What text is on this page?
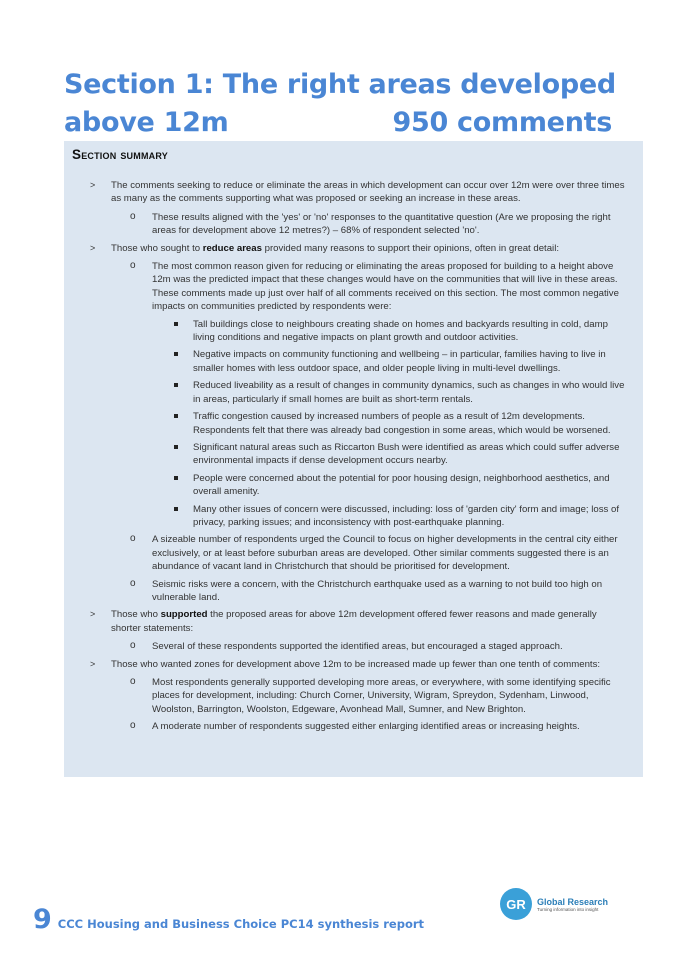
Section 1: The right areas developed
above 12m	950 comments
Section summary
> The comments seeking to reduce or eliminate the areas in which development can occur over 12m were over three times as many as the comments supporting what was proposed or seeking an increase in these areas.
o These results aligned with the 'yes' or 'no' responses to the quantitative question (Are we proposing the right areas for development above 12 metres?) – 68% of respondent selected 'no'.
> Those who sought to reduce areas provided many reasons to support their opinions, often in great detail:
o The most common reason given for reducing or eliminating the areas proposed for building to a height above 12m was the predicted impact that these changes would have on the communities that will live in these areas. These comments made up just over half of all comments received on this section. The most common negative impacts on communities predicted by respondents were:
Tall buildings close to neighbours creating shade on homes and backyards resulting in cold, damp living conditions and negative impacts on plant growth and outdoor activities.
Negative impacts on community functioning and wellbeing – in particular, families having to live in smaller homes with less outdoor space, and older people living in multi-level dwellings.
Reduced liveability as a result of changes in community dynamics, such as changes in who would live in areas, particularly if small homes are built as short-term rentals.
Traffic congestion caused by increased numbers of people as a result of 12m developments. Respondents felt that there was already bad congestion in some areas, which would be worsened.
Significant natural areas such as Riccarton Bush were identified as areas which could suffer adverse environmental impacts if dense development occurs nearby.
People were concerned about the potential for poor housing design, neighborhood aesthetics, and overall amenity.
Many other issues of concern were discussed, including: loss of 'garden city' form and image; loss of privacy, parking issues; and inconsistency with post-earthquake planning.
o A sizeable number of respondents urged the Council to focus on higher developments in the central city either exclusively, or at least before suburban areas are developed. Other similar comments suggested there is an abundance of vacant land in Christchurch that should be prioritised for development.
o Seismic risks were a concern, with the Christchurch earthquake used as a warning to not build too high on vulnerable land.
> Those who supported the proposed areas for above 12m development offered fewer reasons and made generally shorter statements:
o Several of these respondents supported the identified areas, but encouraged a staged approach.
> Those who wanted zones for development above 12m to be increased made up fewer than one tenth of comments:
o Most respondents generally supported developing more areas, or everywhere, with some identifying specific places for development, including: Church Corner, University, Wigram, Spreydon, Sydenham, Linwood, Woolston, Barrington, Woolston, Edgeware, Avonhead Mall, Sumner, and New Brighton.
o A moderate number of respondents suggested either enlarging identified areas or increasing heights.
9 CCC Housing and Business Choice PC14 synthesis report
GR	Global Research
Turning information into insight
